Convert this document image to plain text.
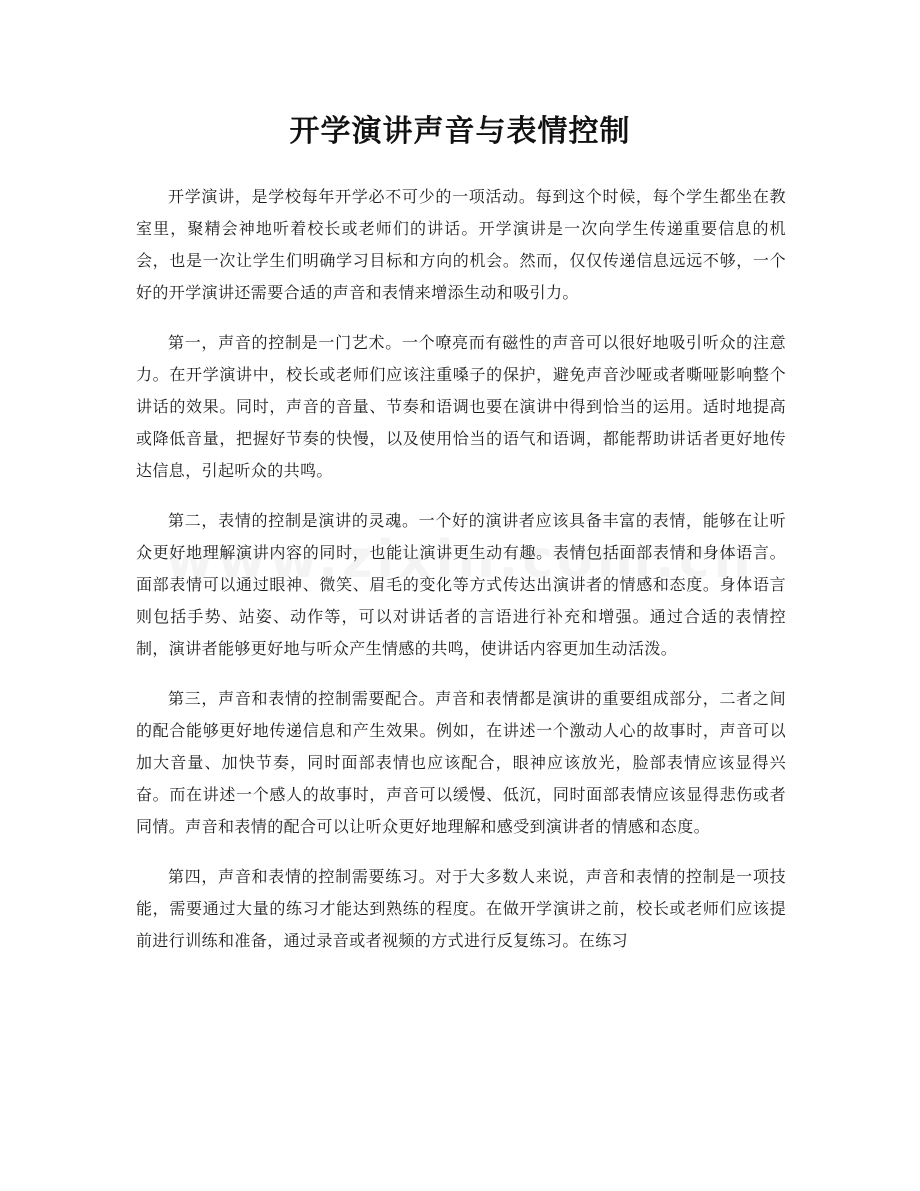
开学演讲声音与表情控制

开学演讲，是学校每年开学必不可少的一项活动。每到这个时候，每个学生都坐在教室里，聚精会神地听着校长或老师们的讲话。开学演讲是一次向学生传递重要信息的机会，也是一次让学生们明确学习目标和方向的机会。然而，仅仅传递信息远远不够，一个好的开学演讲还需要合适的声音和表情来增添生动和吸引力。

第一，声音的控制是一门艺术。一个嘹亮而有磁性的声音可以很好地吸引听众的注意力。在开学演讲中，校长或老师们应该注重嗓子的保护，避免声音沙哑或者嘶哑影响整个讲话的效果。同时，声音的音量、节奏和语调也要在演讲中得到恰当的运用。适时地提高或降低音量，把握好节奏的快慢，以及使用恰当的语气和语调，都能帮助讲话者更好地传达信息，引起听众的共鸣。

第二，表情的控制是演讲的灵魂。一个好的演讲者应该具备丰富的表情，能够在让听众更好地理解演讲内容的同时，也能让演讲更生动有趣。表情包括面部表情和身体语言。面部表情可以通过眼神、微笑、眉毛的变化等方式传达出演讲者的情感和态度。身体语言则包括手势、站姿、动作等，可以对讲话者的言语进行补充和增强。通过合适的表情控制，演讲者能够更好地与听众产生情感的共鸣，使讲话内容更加生动活泼。

第三，声音和表情的控制需要配合。声音和表情都是演讲的重要组成部分，二者之间的配合能够更好地传递信息和产生效果。例如，在讲述一个激动人心的故事时，声音可以加大音量、加快节奏，同时面部表情也应该配合，眼神应该放光，脸部表情应该显得兴奋。而在讲述一个感人的故事时，声音可以缓慢、低沉，同时面部表情应该显得悲伤或者同情。声音和表情的配合可以让听众更好地理解和感受到演讲者的情感和态度。

第四，声音和表情的控制需要练习。对于大多数人来说，声音和表情的控制是一项技能，需要通过大量的练习才能达到熟练的程度。在做开学演讲之前，校长或老师们应该提前进行训练和准备，通过录音或者视频的方式进行反复练习。在练习
